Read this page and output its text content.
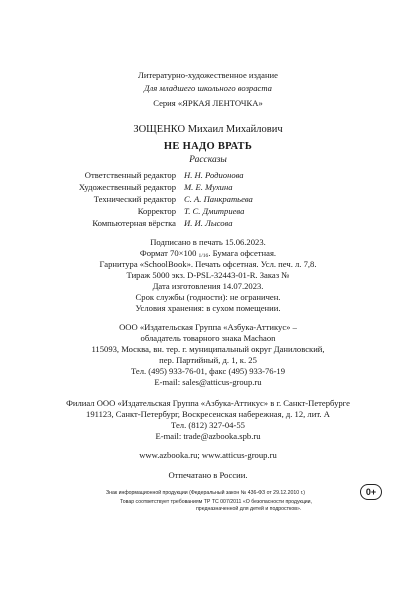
Литературно-художественное издание
Для младшего школьного возраста
Серия «ЯРКАЯ ЛЕНТОЧКА»
ЗОЩЕНКО Михаил Михайлович
НЕ НАДО ВРАТЬ
Рассказы
Ответственный редактор Н. Н. Родионова
Художественный редактор М. Е. Мухина
Технический редактор С. А. Панкратьева
Корректор Т. С. Дмитриева
Компьютерная вёрстка И. И. Лысова
Подписано в печать 15.06.2023.
Формат 70×100 1/16. Бумага офсетная.
Гарнитура «SchoolBook». Печать офсетная. Усл. печ. л. 7,8.
Тираж 5000 экз. D-PSL-32443-01-R. Заказ №
Дата изготовления 14.07.2023.
Срок службы (годности): не ограничен.
Условия хранения: в сухом помещении.
ООО «Издательская Группа «Азбука-Аттикус» –
обладатель товарного знака Machaon
115093, Москва, вн. тер. г. муниципальный округ Даниловский,
пер. Партийный, д. 1, к. 25
Тел. (495) 933-76-01, факс (495) 933-76-19
E-mail: sales@atticus-group.ru
Филиал ООО «Издательская Группа «Азбука-Аттикус» в г. Санкт-Петербурге
191123, Санкт-Петербург, Воскресенская набережная, д. 12, лит. А
Тел. (812) 327-04-55
E-mail: trade@azbooka.spb.ru
www.azbooka.ru; www.atticus-group.ru
Отпечатано в России.
Знак информационной продукции (Федеральный закон № 436-ФЗ от 29.12.2010 г.)
Товар соответствует требованиям ТР ТС 007/2011 «О безопасности продукции,
предназначенной для детей и подростков».
0+
